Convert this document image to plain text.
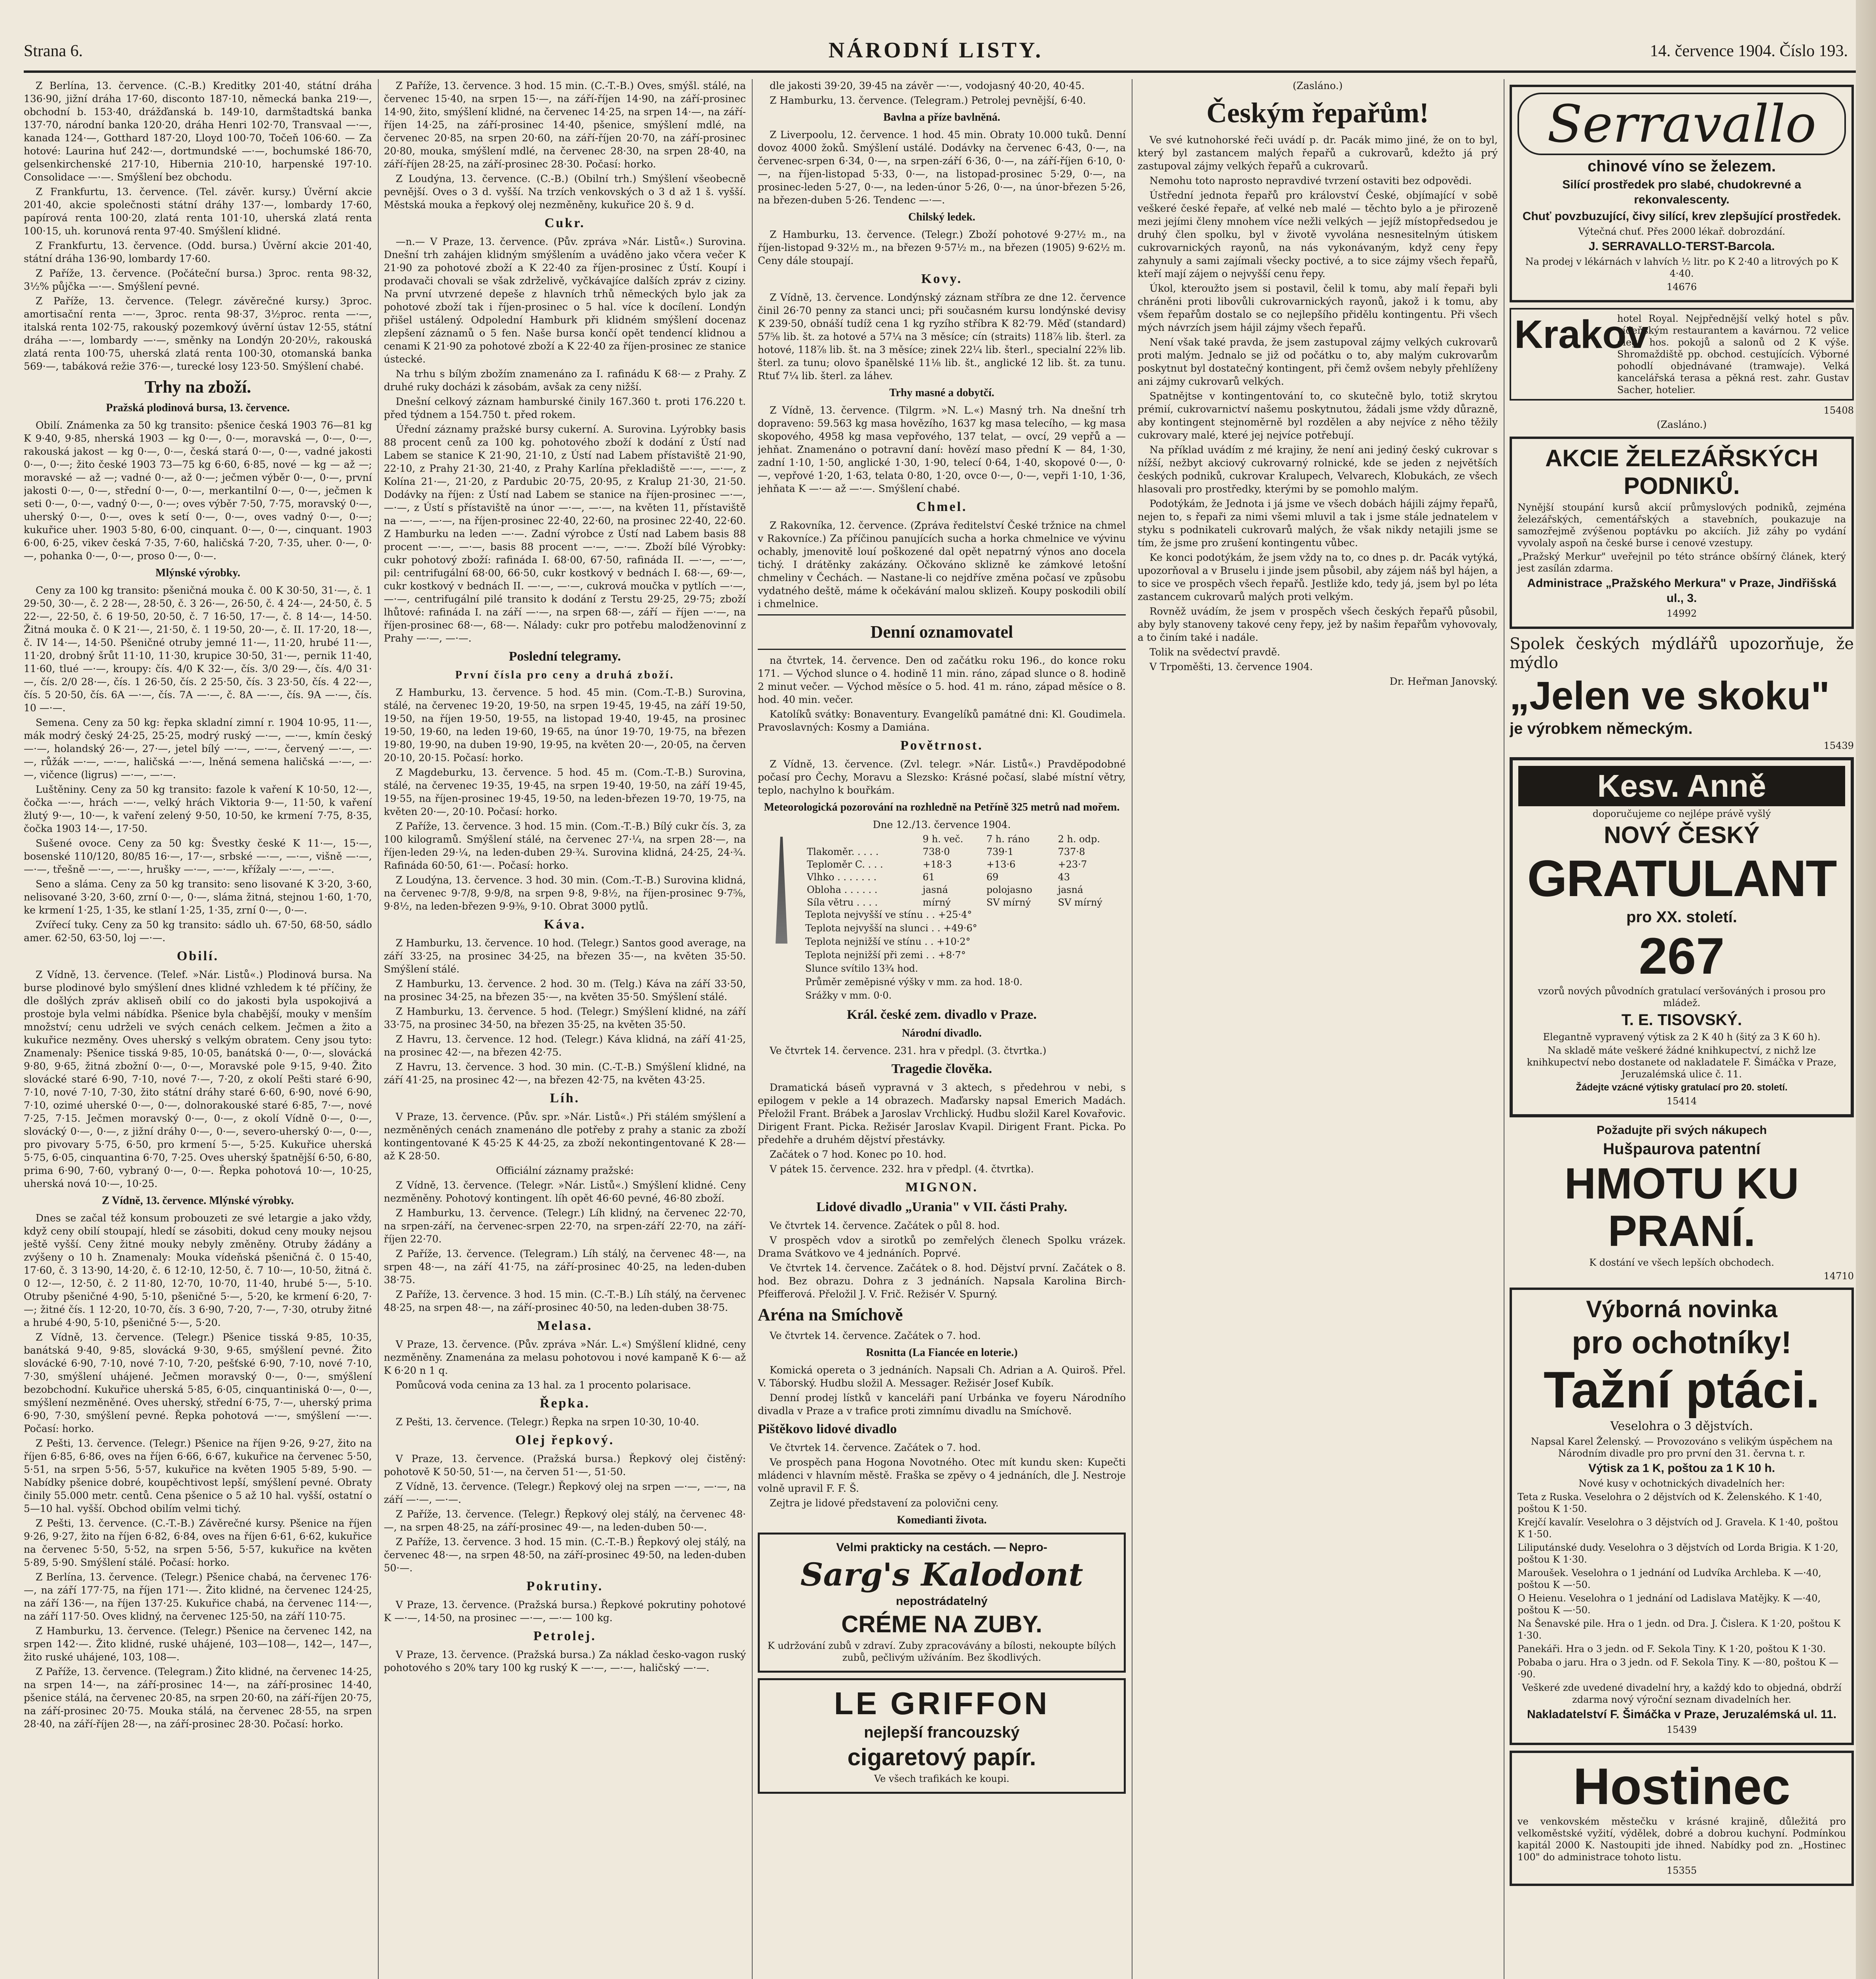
Strana 6.	NÁRODNÍ LISTY.	14. července 1904. Číslo 193.

Z Berlína, 13. července. (C.-B.) Kreditky 201·40, státní dráha 136·90, jižní dráha 17·60, disconto 187·10, německá banka 219·—, obchodní b. 153·40, drážďanská b. 149·10, darmštadtská banka 137·70, národní banka 120·20, dráha Henri 102·70, Transvaal —·—, kanada 124·—, Gotthard 187·20, Lloyd 100·70, Točeň 106·60. — Za hotové: Laurina huť 242·—, dortmundské —·—, bochumské 186·70, gelsenkirchenské 217·10, Hibernia 210·10, harpenské 197·10. Consolidace —·—. Smýšlení bez obchodu.

Z Frankfurtu, 13. července. (Tel. závěr. kursy.) Úvěrní akcie 201·40, akcie společnosti státní dráhy 137·—, lombardy 17·60, papírová renta 100·20, zlatá renta 101·10, uherská zlatá renta 100·15, uh. korunová renta 97·40. Smýšlení klidné.

Z Frankfurtu, 13. července. (Odd. bursa.) Úvěrní akcie 201·40, státní dráha 136·90, lombardy 17·60.

Z Paříže, 13. července. (Počáteční bursa.) 3proc. renta 98·32, 3½% půjčka —·—. Smýšlení pevné.

Z Paříže, 13. července. (Telegr. závěrečné kursy.) 3proc. amortisační renta —·—, 3proc. renta 98·37, 3½proc. renta —·—, italská renta 102·75, rakouský pozemkový úvěrní ústav 12·55, státní dráha —·—, lombardy —·—, směnky na Londýn 20·20½, rakouská zlatá renta 100·75, uherská zlatá renta 100·30, otomanská banka 569·—, tabáková režie 376·—, turecké losy 123·50. Smýšlení chabé.

Trhy na zboží.

Pražská plodinová bursa, 13. července.

Obilí. Známenka za 50 kg transito: pšenice česká 1903 76—81 kg K 9·40, 9·85, nherská 1903 — kg 0·—, 0·—, moravská —, 0·—, 0·—, rakouská jakost — kg 0·—, 0·—, česká stará 0·—, 0·—, vadné jakosti 0·—, 0·—; žito české 1903 73—75 kg 6·60, 6·85, nové — kg — až —; moravské — až —; vadné 0·—, až 0·—; ječmen výběr 0·—, 0·—, první jakosti 0·—, 0·—, střední 0·—, 0·—, merkantilní 0·—, 0·—, ječmen k seti 0·—, 0·—, vadný 0·—, 0·—; oves výběr 7·50, 7·75, moravský 0·—, uherský 0·—, 0·—, oves k setí 0·—, 0·—, oves vadný 0·—, 0·—; kukuřice uher. 1903 5·80, 6·00, cinquant. 0·—, 0·—, cinquant. 1903 6·00, 6·25, vikev česká 7·35, 7·60, haličská 7·20, 7·35, uher. 0·—, 0·—, pohanka 0·—, 0·—, proso 0·—, 0·—.

Mlýnské výrobky.

Ceny za 100 kg transito: pšeničná mouka č. 00 K 30·50, 31·—, č. 1 29·50, 30·—, č. 2 28·—, 28·50, č. 3 26·—, 26·50, č. 4 24·—, 24·50, č. 5 22·—, 22·50, č. 6 19·50, 20·50, č. 7 16·50, 17·—, č. 8 14·—, 14·50. Žitná mouka č. 0 K 21·—, 21·50, č. 1 19·50, 20·—, č. II. 17·20, 18·—, č. IV 14·—, 14·50. Pšeničné otruby jemné 11·—, 11·20, hrubé 11·—, 11·20, drobný šrůt 11·10, 11·30, krupice 30·50, 31·—, pernik 11·40, 11·60, tlué —·—, kroupy: čís. 4/0 K 32·—, čís. 3/0 29·—, čís. 4/0 31·—, čís. 2/0 28·—, čís. 1 26·50, čís. 2 25·50, čís. 3 23·50, čís. 4 22·—, čís. 5 20·50, čís. 6A —·—, čís. 7A —·—, č. 8A —·—, čís. 9A —·—, čís. 10 —·—.

Semena. Ceny za 50 kg: řepka skladní zimní r. 1904 10·95, 11·—, mák modrý český 24·25, 25·25, modrý ruský —·—, —·—, kmín český —·—, holandský 26·—, 27·—, jetel bílý —·—, —·—, červený —·—, —·—, růžák —·—, —·—, haličská —·—, lněná semena haličská —·—, —·—, vičence (ligrus) —·—, —·—.

Luštěniny. Ceny za 50 kg transito: fazole k vaření K 10·50, 12·—, čočka —·—, hrách —·—, velký hrách Viktoria 9·—, 11·50, k vaření žlutý 9·—, 10·—, k vaření zelený 9·50, 10·50, ke krmení 7·75, 8·35, čočka 1903 14·—, 17·50.

Sušené ovoce. Ceny za 50 kg: Švestky české K 11·—, 15·—, bosenské 110/120, 80/85 16·—, 17·—, srbské —·—, —·—, višně —·—, —·—, třešně —·—, —·—, hrušky —·—, —·—, křížaly —·—, —·—.

Seno a sláma. Ceny za 50 kg transito: seno lisované K 3·20, 3·60, nelisované 3·20, 3·60, zrní 0·—, 0·—, sláma žitná, stejnou 1·60, 1·70, ke krmení 1·25, 1·35, ke stlaní 1·25, 1·35, zrní 0·—, 0·—.

Zvířecí tuky. Ceny za 50 kg transito: sádlo uh. 67·50, 68·50, sádlo amer. 62·50, 63·50, loj —·—.

Obilí.

Z Vídně, 13. července. (Telef. »Nár. Listů«.) Plodinová bursa. Na burse plodinové bylo smýšlení dnes klidné vzhledem k té příčiny, že dle došlých zpráv akliseň obilí co do jakosti byla uspokojivá a prostoje byla velmi nábídka. Pšenice byla chabější, mouky v menším množství; cenu udrželi ve svých cenách celkem. Ječmen a žito a kukuřice nezměny. Oves uherský s velkým obratem. Ceny jsou tyto: Znamenaly: Pšenice tisská 9·85, 10·05, banátská 0·—, 0·—, slovácká 9·80, 9·65, žitná zbožní 0·—, 0·—, Moravské pole 9·15, 9·40. Žito slovácké staré 6·90, 7·10, nové 7·—, 7·20, z okolí Pešti staré 6·90, 7·10, nové 7·10, 7·30, žito státní dráhy staré 6·60, 6·90, nové 6·90, 7·10, ozimé uherské 0·—, 0·—, dolnorakouské staré 6·85, 7·—, nové 7·25, 7·15. Ječmen moravský 0·—, 0·—, z okolí Vídně 0·—, 0·—, slovácký 0·—, 0·—, z jižní dráhy 0·—, 0·—, severo-uherský 0·—, 0·—, pro pivovary 5·75, 6·50, pro krmení 5·—, 5·25. Kukuřice uherská 5·75, 6·05, cinquantina 6·70, 7·25. Oves uherský špatnější 6·50, 6·80, prima 6·90, 7·60, vybraný 0·—, 0·—. Řepka pohotová 10·—, 10·25, uherská nová 10·—, 10·25.

Z Vídně, 13. července. Mlýnské výrobky.

Dnes se začal též konsum probouzeti ze své letargie a jako vždy, když ceny obilí stoupají, hledí se zásobiti, dokud ceny mouky nejsou ještě vyšší. Ceny žitné mouky nebyly změněny. Otruby žádány a zvýšeny o 10 h. Znamenaly: Mouka vídeňská pšeničná č. 0 15·40, 17·60, č. 3 13·90, 14·20, č. 6 12·10, 12·50, č. 7 10·—, 10·50, žitná č. 0 12·—, 12·50, č. 2 11·80, 12·70, 10·70, 11·40, hrubé 5·—, 5·10. Otruby pšeničné 4·90, 5·10, pšeničné 5·—, 5·20, ke krmení 6·20, 7·—; žitné čís. 1 12·20, 10·70, čís. 3 6·90, 7·20, 7·—, 7·30, otruby žitné a hrubé 4·90, 5·10, pšeničné 5·—, 5·20.

Z Vídně, 13. července. (Telegr.) Pšenice tisská 9·85, 10·35, banátská 9·40, 9·85, slovácká 9·30, 9·65, smýšlení pevné. Žito slovácké 6·90, 7·10, nové 7·10, 7·20, pešťské 6·90, 7·10, nové 7·10, 7·30, smýšlení uhájené. Ječmen moravský 0·—, 0·—, smýšlení bezobchodní. Kukuřice uherská 5·85, 6·05, cinquantiniská 0·—, 0·—, smýšlení nezměněné. Oves uherský, střední 6·75, 7·—, uherský prima 6·90, 7·30, smýšlení pevné. Řepka pohotová —·—, smýšlení —·—. Počasí: horko.

Z Pešti, 13. července. (Telegr.) Pšenice na říjen 9·26, 9·27, žito na říjen 6·85, 6·86, oves na říjen 6·66, 6·67, kukuřice na červenec 5·50, 5·51, na srpen 5·56, 5·57, kukuřice na květen 1905 5·89, 5·90. — Nabídky pšenice dobré, koupěchtivost lepší, smýšlení pevné. Obraty činily 55.000 metr. centů. Cena pšenice o 5 až 10 hal. vyšší, ostatní o 5—10 hal. vyšší. Obchod obilím velmi tichý.

Z Pešti, 13. července. (C.-T.-B.) Závěrečné kursy. Pšenice na říjen 9·26, 9·27, žito na říjen 6·82, 6·84, oves na říjen 6·61, 6·62, kukuřice na červenec 5·50, 5·52, na srpen 5·56, 5·57, kukuřice na květen 5·89, 5·90. Smýšlení stálé. Počasí: horko.

Z Berlína, 13. července. (Telegr.) Pšenice chabá, na červenec 176·—, na září 177·75, na říjen 171·—. Žito klidné, na červenec 124·25, na září 136·—, na říjen 137·25. Kukuřice chabá, na červenec 114·—, na září 117·50. Oves klidný, na červenec 125·50, na září 110·75.

Z Hamburku, 13. července. (Telegr.) Pšenice na červenec 142, na srpen 142·—. Žito klidné, ruské uhájené, 103—108—, 142—, 147—, žito ruské uhájené, 103, 108—.

Z Paříže, 13. července. (Telegram.) Žito klidné, na červenec 14·25, na srpen 14·—, na září-prosinec 14·—, na září-prosinec 14·40, pšenice stálá, na červenec 20·85, na srpen 20·60, na září-říjen 20·75, na září-prosinec 20·75. Mouka stálá, na červenec 28·55, na srpen 28·40, na září-říjen 28·—, na září-prosinec 28·30. Počasí: horko.

Z Paříže, 13. července. 3 hod. 15 min. (C.-T.-B.) Oves, smýšl. stálé, na červenec 15·40, na srpen 15·—, na září-říjen 14·90, na září-prosinec 14·90, žito, smýšlení klidné, na červenec 14·25, na srpen 14·—, na září-říjen 14·25, na září-prosinec 14·40, pšenice, smýšlení mdlé, na červenec 20·85, na srpen 20·60, na září-říjen 20·70, na září-prosinec 20·80, mouka, smýšlení mdlé, na červenec 28·30, na srpen 28·40, na září-říjen 28·25, na září-prosinec 28·30. Počasí: horko.

Z Loudýna, 13. července. (C.-B.) (Obilní trh.) Smýšlení všeobecně pevnější. Oves o 3 d. vyšší. Na trzích venkovských o 3 d až 1 š. vyšší. Městská mouka a řepkový olej nezměněny, kukuřice 20 š. 9 d.

Cukr.

—n.— V Praze, 13. července. (Pův. zpráva »Nár. Listů«.) Surovina. Dnešní trh zahájen klidným smýšlením a uváděno jako včera večer K 21·90 za pohotové zboží a K 22·40 za říjen-prosinec z Ústí. Koupí i prodavači chovali se však zdrželivě, vyčkávajíce dalších zpráv z ciziny. Na první utvrzené depeše z hlavních trhů německých bylo jak za pohotové zboží tak i říjen-prosinec o 5 hal. více k docílení. Londýn přišel ustálený. Odpolední Hamburk při klidném smýšlení docenaz zlepšení záznamů o 5 fen. Naše bursa končí opět tendencí klidnou a cenami K 21·90 za pohotové zboží a K 22·40 za říjen-prosinec ze stanice ústecké.

Na trhu s bílým zbožím znamenáno za I. rafinádu K 68·— z Prahy. Z druhé ruky docházi k zásobám, avšak za ceny nižší.

Dnešní celkový záznam hamburské činily 167.360 t. proti 176.220 t. před týdnem a 154.750 t. před rokem.

Úřední záznamy pražské bursy cukerní. A. Surovina. Lyýrobky basis 88 procent cenů za 100 kg. pohotového zboží k dodání z Ústí nad Labem se stanice K 21·90, 21·10, z Ústí nad Labem přístaviště 21·90, 22·10, z Prahy 21·30, 21·40, z Prahy Karlína překladiště —·—, —·—, z Kolína 21·—, 21·20, z Pardubic 20·75, 20·95, z Kralup 21·30, 21·50. Dodávky na říjen: z Ústí nad Labem se stanice na říjen-prosinec —·—, —·—, z Ústí s přístaviště na únor —·—, —·—, na květen 11, přístaviště na —·—, —·—, na říjen-prosinec 22·40, 22·60, na prosinec 22·40, 22·60. Z Hamburku na leden —·—. Zadní výrobce z Ústí nad Labem basis 88 procent —·—, —·—, basis 88 procent —·—, —·—. Zboží bílé Výrobky: cukr pohotový zboží: rafináda I. 68·00, 67·50, rafináda II. —·—, —·—, pil: centrifugální 68·00, 66·50, cukr kostkový v bednách I. 68·—, 69·—, cukr kostkový v bednách II. —·—, —·—, cukrová moučka v pytlích —·—, —·—, centrifugální pilé transito k dodání z Terstu 29·25, 29·75; zboží lhůtové: rafináda I. na září —·—, na srpen 68·—, září — říjen —·—, na říjen-prosinec 68·—, 68·—. Nálady: cukr pro potřebu malodženovinní z Prahy —·—, —·—.

Poslední telegramy.

První čísla pro ceny a druhá zboží.

Z Hamburku, 13. července. 5 hod. 45 min. (Com.-T.-B.) Surovina, stálé, na červenec 19·20, 19·50, na srpen 19·45, 19·45, na září 19·50, 19·50, na říjen 19·50, 19·55, na listopad 19·40, 19·45, na prosinec 19·50, 19·60, na leden 19·60, 19·65, na únor 19·70, 19·75, na březen 19·80, 19·90, na duben 19·90, 19·95, na květen 20·—, 20·05, na červen 20·10, 20·15. Počasí: horko.

Z Magdeburku, 13. července. 5 hod. 45 m. (Com.-T.-B.) Surovina, stálé, na červenec 19·35, 19·45, na srpen 19·40, 19·50, na září 19·45, 19·55, na říjen-prosinec 19·45, 19·50, na leden-březen 19·70, 19·75, na květen 20·—, 20·10. Počasí: horko.

Z Paříže, 13. července. 3 hod. 15 min. (Com.-T.-B.) Bílý cukr čís. 3, za 100 kilogramů. Smýšlení stálé, na červenec 27·¼, na srpen 28·—, na říjen-leden 29·¼, na leden-duben 29·¾. Surovina klidná, 24·25, 24·¾. Rafináda 60·50, 61·—. Počasí: horko.

Z Loudýna, 13. července. 3 hod. 30 min. (Com.-T.-B.) Surovina klidná, na červenec 9·7/8, 9·9/8, na srpen 9·8, 9·8½, na říjen-prosinec 9·7⅝, 9·8½, na leden-březen 9·9⅜, 9·10. Obrat 3000 pytlů.

Káva.

Z Hamburku, 13. července. 10 hod. (Telegr.) Santos good average, na září 33·25, na prosinec 34·25, na březen 35·—, na květen 35·50. Smýšlení stálé.

Z Hamburku, 13. července. 2 hod. 30 m. (Telg.) Káva na září 33·50, na prosinec 34·25, na březen 35·—, na květen 35·50. Smýšlení stálé.

Z Hamburku, 13. července. 5 hod. (Telegr.) Smýšlení klidné, na září 33·75, na prosinec 34·50, na březen 35·25, na květen 35·50.

Z Havru, 13. července. 12 hod. (Telegr.) Káva klidná, na září 41·25, na prosinec 42·—, na březen 42·75.

Z Havru, 13. července. 3 hod. 30 min. (C.-T.-B.) Smýšlení klidné, na září 41·25, na prosinec 42·—, na březen 42·75, na květen 43·25.

Líh.

V Praze, 13. července. (Pův. spr. »Nár. Listů«.) Při stálém smýšlení a nezměněných cenách znamenáno dle potřeby z prahy a stanic za zboží kontingentované K 45·25 K 44·25, za zboží nekontingentované K 28·— až K 28·50.

Officiální záznamy pražské:

Z Vídně, 13. července. (Telegr. »Nár. Listů«.) Smýšlení klidné. Ceny nezměněny. Pohotový kontingent. líh opět 46·60 pevné, 46·80 zboží.

Z Hamburku, 13. července. (Telegr.) Líh klidný, na červenec 22·70, na srpen-září, na červenec-srpen 22·70, na srpen-září 22·70, na září-říjen 22·70.

Z Paříže, 13. července. (Telegram.) Líh stálý, na červenec 48·—, na srpen 48·—, na září 41·75, na září-prosinec 40·25, na leden-duben 38·75.

Z Paříže, 13. července. 3 hod. 15 min. (C.-T.-B.) Líh stálý, na červenec 48·25, na srpen 48·—, na září-prosinec 40·50, na leden-duben 38·75.

Melasa.

V Praze, 13. července. (Pův. zpráva »Nár. L.«) Smýšlení klidné, ceny nezměněny. Znamenána za melasu pohotovou i nové kampaně K 6·— až K 6·20 n 1 q.

Pomůcová voda cenina za 13 hal. za 1 procento polarisace.

Řepka.

Z Pešti, 13. července. (Telegr.) Řepka na srpen 10·30, 10·40.

Olej řepkový.

V Praze, 13. července. (Pražská bursa.) Řepkový olej čistěný: pohotově K 50·50, 51·—, na červen 51·—, 51·50.

Z Vídně, 13. července. (Telegr.) Řepkový olej na srpen —·—, —·—, na září —·—, —·—.

Z Paříže, 13. července. (Telegr.) Řepkový olej stálý, na červenec 48·—, na srpen 48·25, na září-prosinec 49·—, na leden-duben 50·—.

Z Paříže, 13. července. 3 hod. 15 min. (C.-T.-B.) Řepkový olej stálý, na červenec 48·—, na srpen 48·50, na září-prosinec 49·50, na leden-duben 50·—.

Pokrutiny.

V Praze, 13. července. (Pražská bursa.) Řepkové pokrutiny pohotové K —·—, 14·50, na prosinec —·—, —·— 100 kg.

Petrolej.

V Praze, 13. července. (Pražská bursa.) Za náklad česko-vagon ruský pohotového s 20% tary 100 kg ruský K —·—, —·—, haličský —·—.

dle jakosti 39·20, 39·45 na závěr —·—, vodojasný 40·20, 40·45.

Z Hamburku, 13. července. (Telegram.) Petrolej pevnější, 6·40.

Bavlna a příze bavlněná.

Z Liverpoolu, 12. července. 1 hod. 45 min. Obraty 10.000 tuků. Denní dovoz 4000 žoků. Smýšlení ustálé. Dodávky na červenec 6·43, 0·—, na červenec-srpen 6·34, 0·—, na srpen-září 6·36, 0·—, na září-říjen 6·10, 0·—, na říjen-listopad 5·33, 0·—, na listopad-prosinec 5·29, 0·—, na prosinec-leden 5·27, 0·—, na leden-únor 5·26, 0·—, na únor-březen 5·26, na březen-duben 5·26. Tendenc —·—.

Chilský ledek.

Z Hamburku, 13. července. (Telegr.) Zboží pohotové 9·27½ m., na říjen-listopad 9·32½ m., na březen 9·57½ m., na březen (1905) 9·62½ m. Ceny dále stoupají.

Kovy.

Z Vídně, 13. července. Londýnský záznam stříbra ze dne 12. července činil 26·70 penny za stanci unci; při současném kursu londýnské devisy K 239·50, obnáší tudíž cena 1 kg ryzího stříbra K 82·79. Měď (standard) 57⅝ lib. št. za hotové a 57¼ na 3 měsíce; cín (straits) 118⅞ lib. šterl. za hotové, 118⅞ lib. št. na 3 měsíce; zinek 22¼ lib. šterl., specialní 22⅝ lib. šterl. za tunu; olovo španělské 11⅛ lib. št., anglické 12 lib. št. za tunu. Rtuť 7¼ lib. šterl. za láhev.

Trhy masné a dobytčí.

Z Vídně, 13. července. (Tilgrm. »N. L.«) Masný trh. Na dnešní trh dopraveno: 59.563 kg masa hovězího, 1637 kg masa telecího, — kg masa skopového, 4958 kg masa vepřového, 137 telat, — ovcí, 29 vepřů a — jehňat. Znamenáno o potravní daní: hovězí maso přední K — 84, 1·30, zadní 1·10, 1·50, anglické 1·30, 1·90, telecí 0·64, 1·40, skopové 0·—, 0·—, vepřové 1·20, 1·63, telata 0·80, 1·20, ovce 0·—, 0·—, vepři 1·10, 1·36, jehňata K —·— až —·—. Smýšlení chabé.

Chmel.

Z Rakovníka, 12. července. (Zpráva ředitelství České tržnice na chmel v Rakovníce.) Za příčinou panujících sucha a horka chmelnice ve vývinu ochably, jmenovitě louí poškozené dal opět nepatrný výnos ano docela tichý. I drátěnky zakázány. Očkováno sklizně ke zámkové letošní chmeliny v Čechách. — Nastane-li co nejdříve změna počasí ve způsobu vydatného deště, máme k očekávání malou sklizeň. Koupy poskodili obilí i chmelnice.

Denní oznamovatel

na čtvrtek, 14. července. Den od začátku roku 196., do konce roku 171. — Východ slunce o 4. hodině 11 min. ráno, západ slunce o 8. hodině 2 minut večer. — Východ měsíce o 5. hod. 41 m. ráno, západ měsíce o 8. hod. 40 min. večer.

Katolíků svátky: Bonaventury. Evangelíků památné dni: Kl. Goudimela. Pravoslavných: Kosmy a Damiána.

Povětrnost.

Z Vídně, 13. července. (Zvl. telegr. »Nár. Listů«.) Pravděpodobné počasí pro Čechy, Moravu a Slezsko: Krásné počasí, slabé místní větry, teplo, nachylno k bouřkám.

Meteorologická pozorování na rozhledně na Petříně 325 metrů nad mořem.

Dne 12./13. července 1904.

	9 h. več.	7 h. ráno	2 h. odp.
Tlakoměr. . . . .	738·0	739·1	737·8
Teploměr C. . . .	+18·3	+13·6	+23·7
Vlhko . . . . . . .	61	69	43
Obloha . . . . . .	jasná	polojasno	jasná
Síla větru . . . .	mírný	SV mírný	SV mírný

Teplota nejvyšší ve stínu . . +25·4°

Teplota nejvyšší na slunci . . +49·6°

Teplota nejnižší ve stínu . . +10·2°

Teplota nejnižší při zemi . . +8·7°

Slunce svítilo 13¾ hod.

Průměr zeměpisné výšky v mm. za hod. 18·0.

Srážky v mm. 0·0.

Král. české zem. divadlo v Praze.

Národní divadlo.

Ve čtvrtek 14. července. 231. hra v předpl. (3. čtvrtka.)

Tragedie člověka.

Dramatická báseň vypravná v 3 aktech, s předehrou v nebi, s epilogem v pekle a 14 obrazech. Maďarsky napsal Emerich Madách. Přeložil Frant. Brábek a Jaroslav Vrchlický. Hudbu složil Karel Kovařovic. Dirigent Frant. Picka. Režisér Jaroslav Kvapil. Dirigent Frant. Picka. Po předehře a druhém dějství přestávky.

Začátek o 7 hod. Konec po 10. hod.

V pátek 15. července. 232. hra v předpl. (4. čtvrtka).

MIGNON.

Lidové divadlo „Urania" v VII. části Prahy.

Ve čtvrtek 14. července. Začátek o půl 8. hod.

V prospěch vdov a sirotků po zemřelých členech Spolku vrázek. Drama Svátkovo ve 4 jednáních. Poprvé.

Ve čtvrtek 14. července. Začátek o 8. hod. Dějství první. Začátek o 8. hod. Bez obrazu. Dohra z 3 jednáních. Napsala Karolina Birch-Pfeifferová. Přeložil J. V. Frič. Režisér V. Spurný.

Aréna na Smíchově

Ve čtvrtek 14. července. Začátek o 7. hod.

Rosnitta (La Fiancée en loterie.)

Komická opereta o 3 jednáních. Napsali Ch. Adrian a A. Quiroš. Přel. V. Táborský. Hudbu složil A. Messager. Režisér Josef Kubík.

Denní prodej lístků v kanceláři paní Urbánka ve foyeru Národního divadla v Praze a v trafice proti zimnímu divadlu na Smíchově.

Pištěkovo lidové divadlo

Ve čtvrtek 14. července. Začátek o 7. hod.

Ve prospěch pana Hogona Novotného. Otec mít kundu sken: Kupečti mládenci v hlavním městě. Fraška se zpěvy o 4 jednáních, dle J. Nestroje volně upravil F. F. Š.

Zejtra je lidové představení za polovični ceny.

Komedianti života.

Velmi prakticky na cestách. — Nepro-

Sarg's Kalodont

nepostrádatelný

CRÉME NA ZUBY.

K udržování zubů v zdraví. Zuby zpracovávány a bílosti, nekoupte bílých zubů, pečlivým užíváním. Bez škodlivých.

LE GRIFFON

nejlepší francouzský

cigaretový papír.

Ve všech trafikách ke koupi.

(Zasláno.)

Českým řepařům!

Ve své kutnohorské řeči uvádí p. dr. Pacák mimo jiné, že on to byl, který byl zastancem malých řepařů a cukrovarů, kdežto já prý zastupoval zájmy velkých řepařů a cukrovarů.

Nemohu toto naprosto nepravdivé tvrzení ostaviti bez odpovědi.

Ústřední jednota řepařů pro království České, objímající v sobě veškeré české řepaře, ať velké neb malé — těchto bylo a je přirozeně mezi jejími členy mnohem více nežli velkých — jejíž místopředsedou je druhý člen spolku, byl v životě vyvolána nesnesitelným útiskem cukrovarnických rayonů, na nás vykonávaným, když ceny řepy zahynuly a sami zajímali všecky poctivé, a to sice zájmy všech řepařů, kteří mají zájem o nejvyšší cenu řepy.

Úkol, kteroužto jsem si postavil, čelil k tomu, aby malí řepaři byli chráněni proti libovůli cukrovarnických rayonů, jakož i k tomu, aby všem řepařům dostalo se co nejlepšího přidělu kontingentu. Při všech mých návrzích jsem hájil zájmy všech řepařů.

Není však také pravda, že jsem zastupoval zájmy velkých cukrovarů proti malým. Jednalo se již od počátku o to, aby malým cukrovarům poskytnut byl dostatečný kontingent, při čemž ovšem nebyly přehlíženy ani zájmy cukrovarů velkých.

Spatnějtse v kontingentování to, co skutečně bylo, totiž skrytou prémií, cukrovarnictví našemu poskytnutou, žádali jsme vždy důrazně, aby kontingent stejnoměrně byl rozdělen a aby nejvíce z něho těžily cukrovary malé, které jej nejvíce potřebují.

Na příklad uvádím z mé krajiny, že není ani jediný český cukrovar s nížší, nežbyt akciový cukrovarný rolnické, kde se jeden z největších českých podniků, cukrovar Kralupech, Velvarech, Klobukách, ze všech hlasovali pro prostředky, kterými by se pomohlo malým.

Podotýkám, že Jednota i já jsme ve všech dobách hájili zájmy řepařů, nejen to, s řepaři za nimi všemi mluvil a tak i jsme stále jednatelem v styku s podnikateli cukrovarů malých, že však nikdy netajili jsme se tím, že jsme pro zrušení kontingentu vůbec.

Ke konci podotýkám, že jsem vždy na to, co dnes p. dr. Pacák vytýká, upozorňoval a v Bruselu i jinde jsem působil, aby zájem náš byl hájen, a to sice ve prospěch všech řepařů. Jestliže kdo, tedy já, jsem byl po léta zastancem cukrovarů malých proti velkým.

Rovněž uvádím, že jsem v prospěch všech českých řepařů působil, aby byly stanoveny takové ceny řepy, jež by našim řepařům vyhovovaly, a to činím také i nadále.

Tolik na svědectví pravdě.

V Trpoměšti, 13. července 1904.

Dr. Heřman Janovský.

Serravallo

chinové víno se železem.

Silící prostředek pro slabé, chudokrevné a rekonvalescenty.

Chuť povzbuzující, čivy silící, krev zlepšující prostředek.

Výtečná chuť. Přes 2000 lékař. dobrozdání.

J. SERRAVALLO-TERST-Barcola.

Na prodej v lékárnách v lahvích ½ litr. po K 2·40 a litrových po K 4·40.

14676

Krakov
hotel Royal. Nejpřednější velký hotel s pův. vídeňským restaurantem a kavárnou. 72 velice eleg. hos. pokojů a salonů od 2 K výše. Shromaždiště pp. obchod. cestujících. Výborné pohodlí objednávané (tramwaje). Velká kancelářská terasa a pěkná rest. zahr. Gustav Sacher, hotelier.

15408

(Zasláno.)

AKCIE ŽELEZÁŘSKÝCH PODNIKŮ.

Nynější stoupání kursů akcií průmyslových podniků, zejména železářských, cementářských a stavebních, poukazuje na samozřejmě zvýšenou poptávku po akciích. Již záhy po vydání vyvolaly aspoň na české burse i cenové vzestupy.

„Pražský Merkur" uveřejnil po této stránce obšírný článek, který jest zasílán zdarma.

Administrace „Pražského Merkura" v Praze, Jindřišská ul., 3.

14992

Spolek českých mýdlářů upozorňuje, že mýdlo

„Jelen ve skoku"

je výrobkem německým.

15439

Kesv. Anně

doporučujeme co nejlépe právě vyšlý

NOVÝ ČESKÝ

GRATULANT

pro XX. století.

267

vzorů nových původních gratulací veršováných i prosou pro mládež.

T. E. TISOVSKÝ.

Elegantně vypravený výtisk za 2 K 40 h (šitý za 3 K 60 h).

Na skladě máte veškeré žádné knihkupectví, z nichž lze knihkupectví nebo dostanete od nakladatele F. Šimáčka v Praze, Jeruzalémská ulice č. 11.

Žádejte vzácné výtisky gratulací pro 20. století.

15414

Požadujte při svých nákupech

Hušpaurova patentní

HMOTU KU PRANÍ.

K dostání ve všech lepších obchodech.

14710

Výborná novinka

pro ochotníky!

Tažní ptáci.

Veselohra o 3 dějstvích.

Napsal Karel Želenský. — Provozováno s velikým úspěchem na Národním divadle pro pro první den 31. června t. r.

Výtisk za 1 K, poštou za 1 K 10 h.

Nové kusy v ochotnických divadelních her:

Teta z Ruska. Veselohra o 2 dějstvích od K. Želenského. K 1·40, poštou K 1·50.

Krejčí kavalír. Veselohra o 3 dějstvích od J. Gravela. K 1·40, poštou K 1·50.

Liliputánské dudy. Veselohra o 3 dějstvích od Lorda Brigia. K 1·20, poštou K 1·30.

Maroušek. Veselohra o 1 jednání od Ludvíka Archleba. K —·40, poštou K —·50.

O Heienu. Veselohra o 1 jednání od Ladislava Matějky. K —·40, poštou K —·50.

Na Šenavské pile. Hra o 1 jedn. od Dra. J. Čislera. K 1·20, poštou K 1·30.

Panekáři. Hra o 3 jedn. od F. Sekola Tiny. K 1·20, poštou K 1·30.

Pobaba o jaru. Hra o 3 jedn. od F. Sekola Tiny. K —·80, poštou K —·90.

Veškeré zde uvedené divadelní hry, a každý kdo to objedná, obdrží zdarma nový výroční seznam divadelních her.

Nakladatelství F. Šimáčka v Praze, Jeruzalémská ul. 11.

15439

Hostinec

ve venkovském městečku v krásné krajině, důležitá pro velkoměstské vyžití, výdělek, dobré a dobrou kuchyní. Podmínkou kapitál 2000 K. Nastoupiti jde ihned. Nabídky pod zn. „Hostinec 100" do administrace tohoto listu.

15355
